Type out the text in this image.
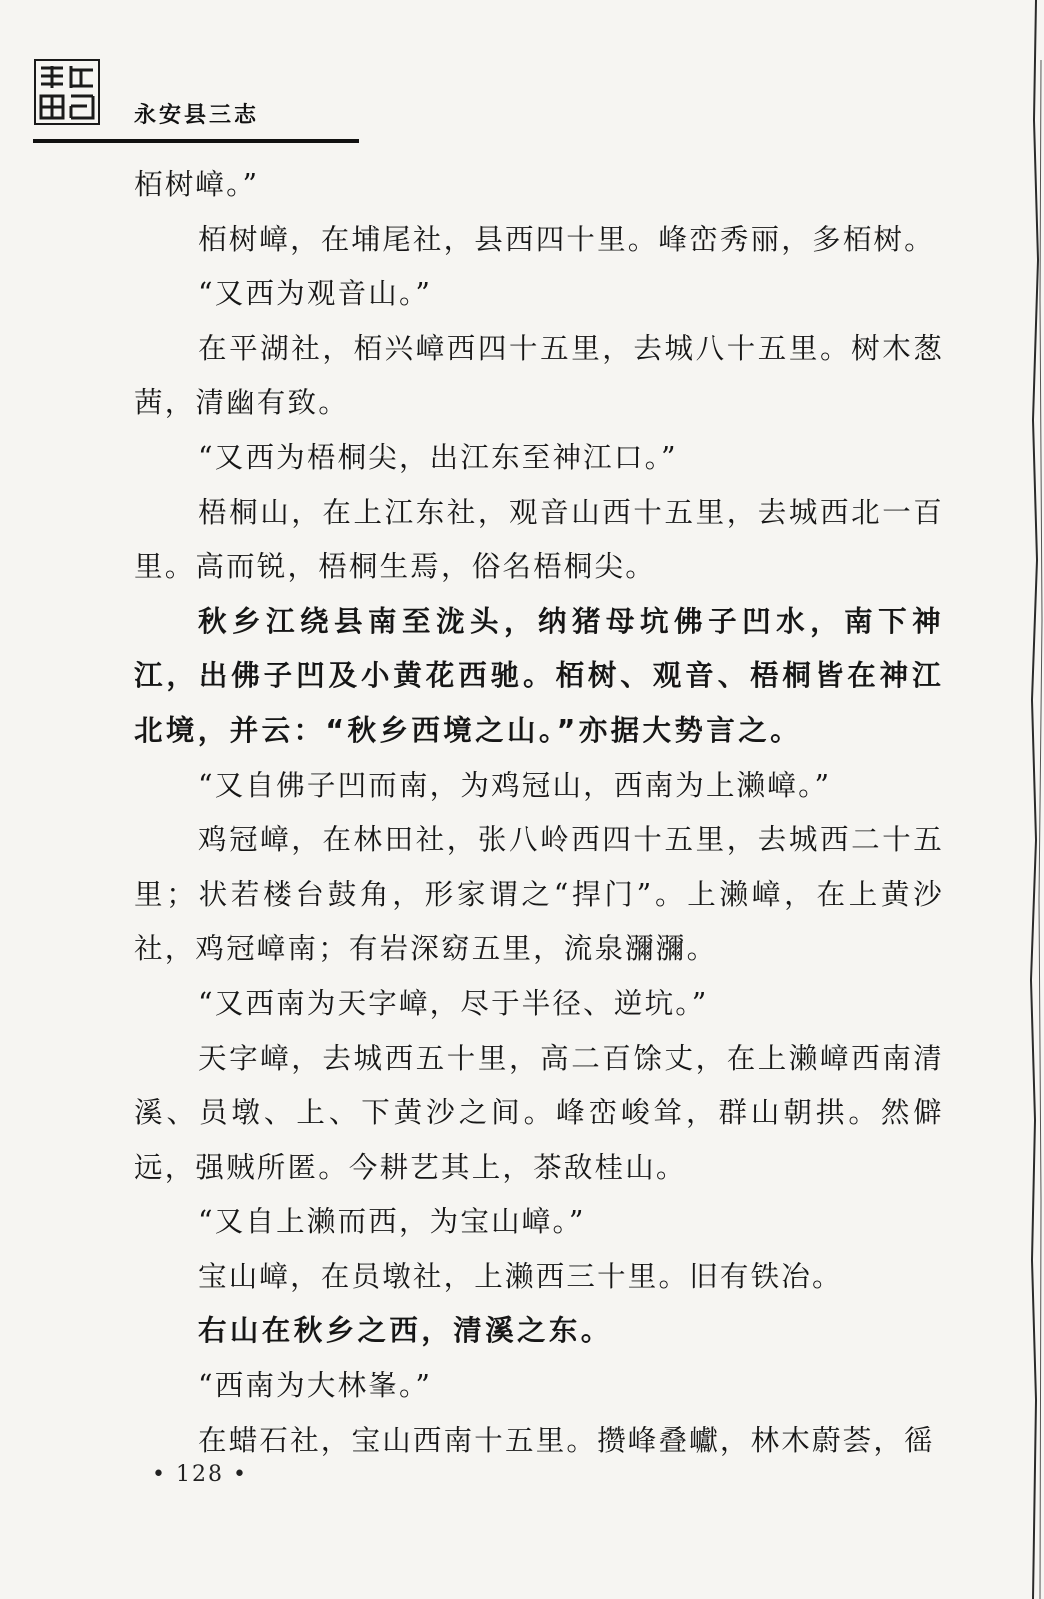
永安县三志

栢树嶂。”

栢树嶂，在埔尾社，县西四十里。峰峦秀丽，多栢树。

“又西为观音山。”

在平湖社，栢兴嶂西四十五里，去城八十五里。树木葱茜，清幽有致。

“又西为梧桐尖，出江东至神江口。”

梧桐山，在上江东社，观音山西十五里，去城西北一百里。高而锐，梧桐生焉，俗名梧桐尖。

秋乡江绕县南至泷头，纳猪母坑佛子凹水，南下神江，出佛子凹及小黄花西驰。栢树、观音、梧桐皆在神江北境，并云：“秋乡西境之山。”亦据大势言之。

“又自佛子凹而南，为鸡冠山，西南为上濑嶂。”

鸡冠嶂，在林田社，张八岭西四十五里，去城西二十五里；状若楼台鼓角，形家谓之“捍门”。上濑嶂，在上黄沙社，鸡冠嶂南；有岩深窈五里，流泉瀰瀰。

“又西南为天字嶂，尽于半径、逆坑。”

天字嶂，去城西五十里，高二百馀丈，在上濑嶂西南清溪、员墩、上、下黄沙之间。峰峦峻耸，群山朝拱。然僻远，强贼所匿。今耕艺其上，茶敌桂山。

“又自上濑而西，为宝山嶂。”

宝山嶂，在员墩社，上濑西三十里。旧有铁冶。

右山在秋乡之西，清溪之东。

“西南为大林峯。”

在蜡石社，宝山西南十五里。攒峰叠巘，林木蔚荟，徭

• 128 •
